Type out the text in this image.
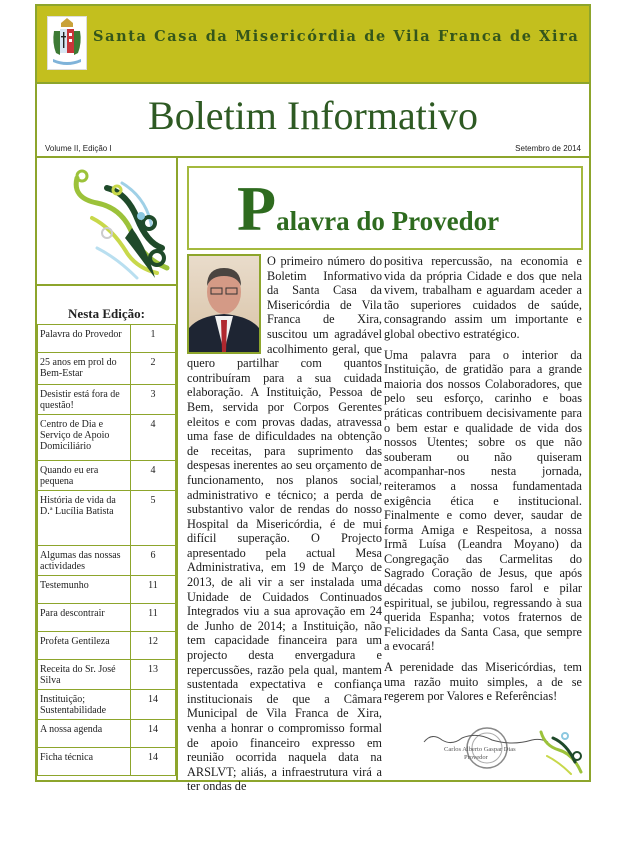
Santa Casa da Misericórdia de Vila Franca de Xira
Boletim Informativo
Volume II, Edição I	Setembro de 2014
Nesta Edição:
Palavra do Provedor	1
25 anos em prol do Bem-Estar	2
Desistir está fora de questão!	3
Centro de Dia e Serviço de Apoio Domiciliário	4
Quando eu era pequena	4
História de vida da D.ª Lucília Batista	5
Algumas das nossas actividades	6
Testemunho	11
Para descontrair	11
Profeta Gentileza	12
Receita do Sr. José Silva	13
Instituição; Sustentabilidade	14
A nossa agenda	14
Ficha técnica	14
Palavra do Provedor
O primeiro número do Boletim Informativo da Santa Casa da Misericórdia de Vila Franca de Xira, suscitou um agradável acolhimento geral, que quero partilhar com quantos contribuíram para a sua cuidada elaboração. A Instituição, Pessoa de Bem, servida por Corpos Gerentes eleitos e com provas dadas, atravessa uma fase de dificuldades na obtenção de receitas, para suprimento das despesas inerentes ao seu orçamento de funcionamento, nos planos social, administrativo e técnico; a perda de substantivo valor de rendas do nosso Hospital da Misericórdia, é de mui difícil superação. O Projecto apresentado pela actual Mesa Administrativa, em 19 de Março de 2013, de ali vir a ser instalada uma Unidade de Cuidados Continuados Integrados viu a sua aprovação em 24 de Junho de 2014; a Instituição, não tem capacidade financeira para um projecto desta envergadura e repercussões, razão pela qual, mantem sustentada expectativa e confiança institucionais de que a Câmara Municipal de Vila Franca de Xira, venha a honrar o compromisso formal de apoio financeiro expresso em reunião ocorrida naquela data na ARSLVT; aliás, a infraestrutura virá a ter ondas de

positiva repercussão, na economia e vida da própria Cidade e dos que nela vivem, trabalham e aguardam aceder a tão superiores cuidados de saúde, consagrando assim um importante e global obectivo estratégico.

Uma palavra para o interior da Instituição, de gratidão para a grande maioria dos nossos Colaboradores, que pelo seu esforço, carinho e boas práticas contribuem decisivamente para o bem estar e qualidade de vida dos nossos Utentes; sobre os que não souberam ou não quiseram acompanhar-nos nesta jornada, reiteramos a nossa fundamentada exigência ética e institucional. Finalmente e como dever, saudar de forma Amiga e Respeitosa, a nossa Irmã Luísa (Leandra Moyano) da Congregação das Carmelitas do Sagrado Coração de Jesus, que após décadas como nosso farol e pilar espiritual, se jubilou, regressando à sua querida Espanha; votos fraternos de Felicidades da Santa Casa, que sempre a evocará!

A perenidade das Misericórdias, tem uma razão muito simples, a de se regerem por Valores e Referências!

Carlos Alberto Gaspar Dias
Provedor
